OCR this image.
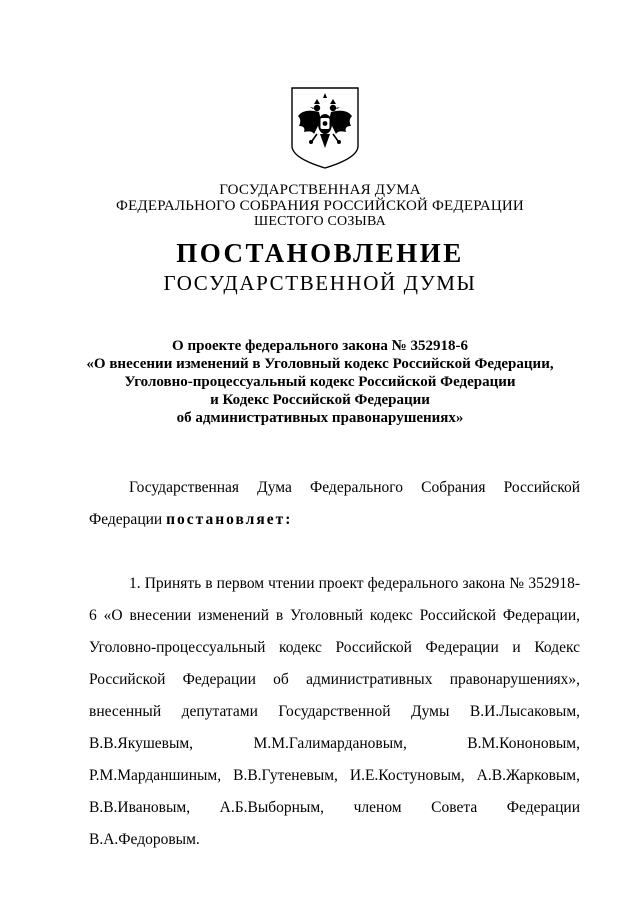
ГОСУДАРСТВЕННАЯ ДУМА
ФЕДЕРАЛЬНОГО СОБРАНИЯ РОССИЙСКОЙ ФЕДЕРАЦИИ
ШЕСТОГО СОЗЫВА
ПОСТАНОВЛЕНИЕ
ГОСУДАРСТВЕННОЙ ДУМЫ
О проекте федерального закона № 352918-6
«О внесении изменений в Уголовный кодекс Российской Федерации,
Уголовно-процессуальный кодекс Российской Федерации
и Кодекс Российской Федерации
об административных правонарушениях»
Государственная Дума Федерального Собрания Российской Федерации постановляет:
1. Принять в первом чтении проект федерального закона № 352918-6 «О внесении изменений в Уголовный кодекс Российской Федерации, Уголовно-процессуальный кодекс Российской Федерации и Кодекс Российской Федерации об административных правонарушениях», внесенный депутатами Государственной Думы В.И.Лысаковым, В.В.Якушевым, М.М.Галимардановым, В.М.Кононовым, Р.М.Марданшиным, В.В.Гутеневым, И.Е.Костуновым, А.В.Жарковым, В.В.Ивановым, А.Б.Выборным, членом Совета Федерации В.А.Федоровым.
